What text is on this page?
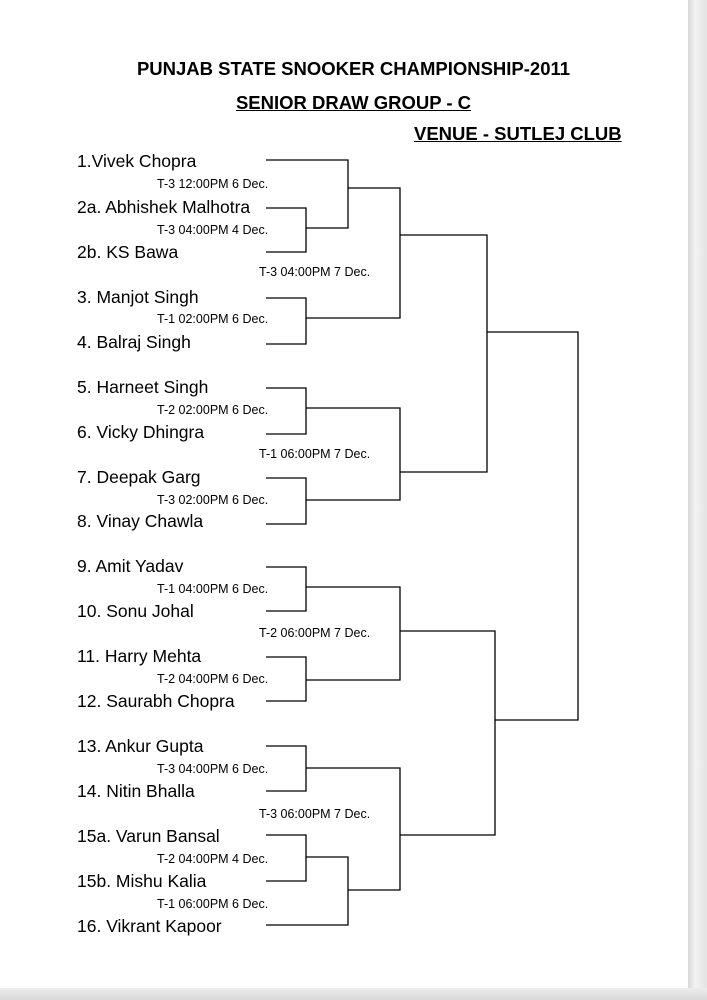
PUNJAB STATE SNOOKER CHAMPIONSHIP-2011
SENIOR DRAW GROUP - C
VENUE - SUTLEJ CLUB
1.Vivek Chopra
2a. Abhishek Malhotra
2b. KS Bawa
3. Manjot Singh
4. Balraj Singh
5. Harneet Singh
6. Vicky Dhingra
7. Deepak Garg
8. Vinay Chawla
9. Amit Yadav
10. Sonu Johal
11. Harry Mehta
12. Saurabh Chopra
13. Ankur Gupta
14. Nitin Bhalla
15a. Varun Bansal
15b. Mishu Kalia
16. Vikrant Kapoor
T-3 12:00PM 6 Dec.
T-3 04:00PM 4 Dec.
T-1 02:00PM 6 Dec.
T-2 02:00PM 6 Dec.
T-3 02:00PM 6 Dec.
T-1 04:00PM 6 Dec.
T-2 04:00PM 6 Dec.
T-3 04:00PM 6 Dec.
T-2 04:00PM 4 Dec.
T-1 06:00PM 6 Dec.
T-3 04:00PM 7 Dec.
T-1 06:00PM 7 Dec.
T-2 06:00PM 7 Dec.
T-3 06:00PM 7 Dec.
